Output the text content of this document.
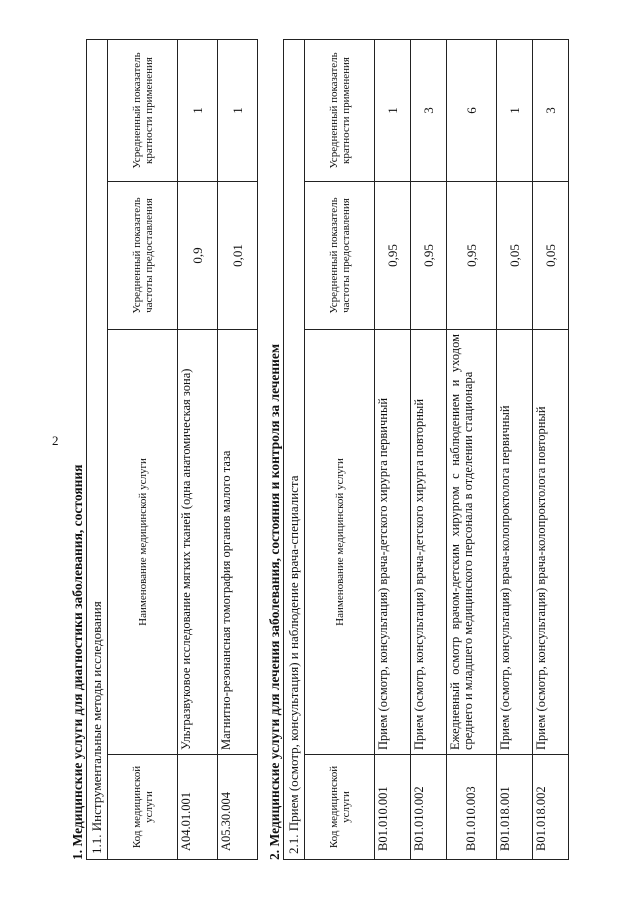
2
1. Медицинские услуги для диагностики заболевания, состояния 1.1. Инструментальные методы исследования			
Код медицинской услуги	Наименование медицинской услуги	Усредненный показатель частоты предоставления	Усредненный показатель кратности применения
A04.01.001	Ультразвуковое исследование мягких тканей (одна анатомическая зона)	0,9	1
A05.30.004	Магнитно-резонансная томография органов малого таза	0,01	1
2. Медицинские услуги для лечения заболевания, состояния и контроля за лечением 2.1. Прием (осмотр, консультация) и наблюдение врача-специалиста			
Код медицинской услуги	Наименование медицинской услуги	Усредненный показатель частоты предоставления	Усредненный показатель кратности применения
B01.010.001	Прием (осмотр, консультация) врача-детского хирурга первичный	0,95	1
B01.010.002	Прием (осмотр, консультация) врача-детского хирурга повторный	0,95	3
B01.010.003	Ежедневный осмотр врачом-детским хирургом с наблюдением и уходом среднего и младшего медицинского персонала в отделении стационара	0,95	6
B01.018.001	Прием (осмотр, консультация) врача-колопроктолога первичный	0,05	1
B01.018.002	Прием (осмотр, консультация) врача-колопроктолога повторный	0,05	3
